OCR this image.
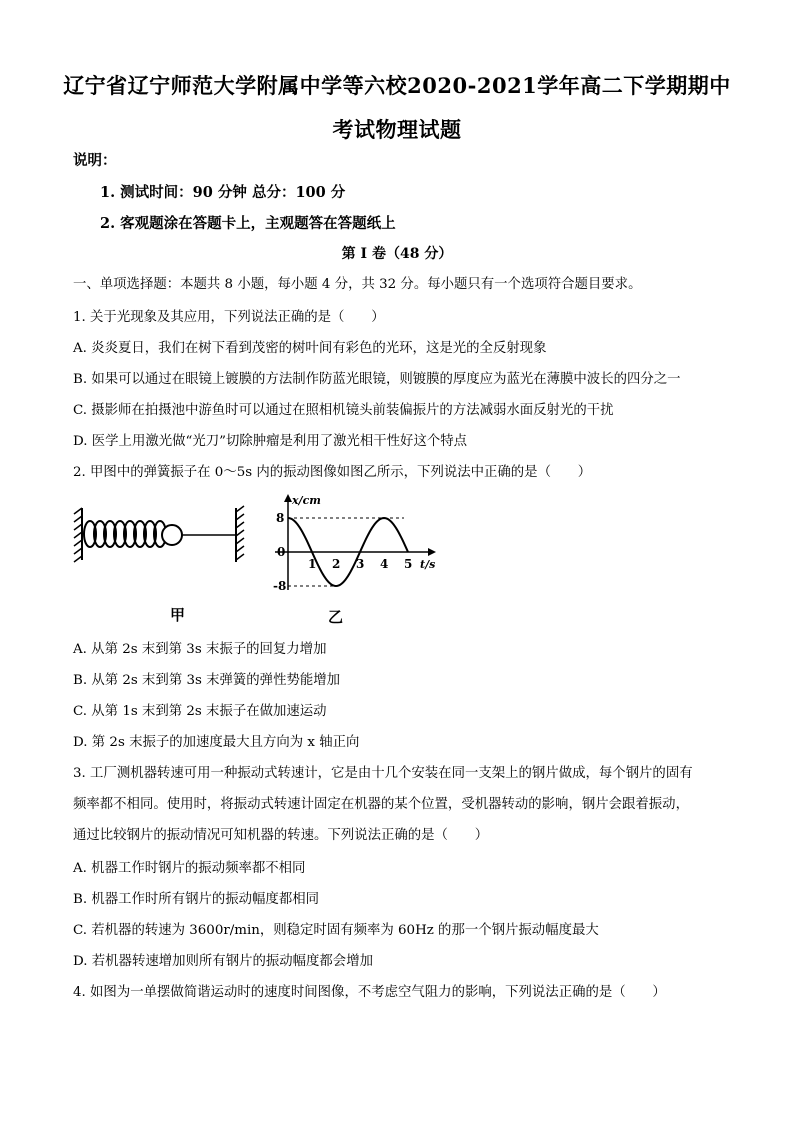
辽宁省辽宁师范大学附属中学等六校2020-2021学年高二下学期期中
考试物理试题
说明：
1. 测试时间：90 分钟 总分：100 分
2. 客观题涂在答题卡上，主观题答在答题纸上
第 I 卷（48 分）
一、单项选择题：本题共 8 小题，每小题 4 分，共 32 分。每小题只有一个选项符合题目要求。
1. 关于光现象及其应用，下列说法正确的是（　　）
A. 炎炎夏日，我们在树下看到茂密的树叶间有彩色的光环，这是光的全反射现象
B. 如果可以通过在眼镜上镀膜的方法制作防蓝光眼镜，则镀膜的厚度应为蓝光在薄膜中波长的四分之一
C. 摄影师在拍摄池中游鱼时可以通过在照相机镜头前装偏振片的方法减弱水面反射光的干扰
D. 医学上用激光做“光刀”切除肿瘤是利用了激光相干性好这个特点
2. 甲图中的弹簧振子在 0～5s 内的振动图像如图乙所示，下列说法中正确的是（　　）
x/cm
t/s
8
-8
0
1 2 3 4 5
甲	乙
A. 从第 2s 末到第 3s 末振子的回复力增加
B. 从第 2s 末到第 3s 末弹簧的弹性势能增加
C. 从第 1s 末到第 2s 末振子在做加速运动
D. 第 2s 末振子的加速度最大且方向为 x 轴正向
3. 工厂测机器转速可用一种振动式转速计，它是由十几个安装在同一支架上的钢片做成，每个钢片的固有
频率都不相同。使用时，将振动式转速计固定在机器的某个位置，受机器转动的影响，钢片会跟着振动，
通过比较钢片的振动情况可知机器的转速。下列说法正确的是（　　）
A. 机器工作时钢片的振动频率都不相同
B. 机器工作时所有钢片的振动幅度都相同
C. 若机器的转速为 3600r/min，则稳定时固有频率为 60Hz 的那一个钢片振动幅度最大
D. 若机器转速增加则所有钢片的振动幅度都会增加
4. 如图为一单摆做简谐运动时的速度时间图像，不考虑空气阻力的影响，下列说法正确的是（　　）
